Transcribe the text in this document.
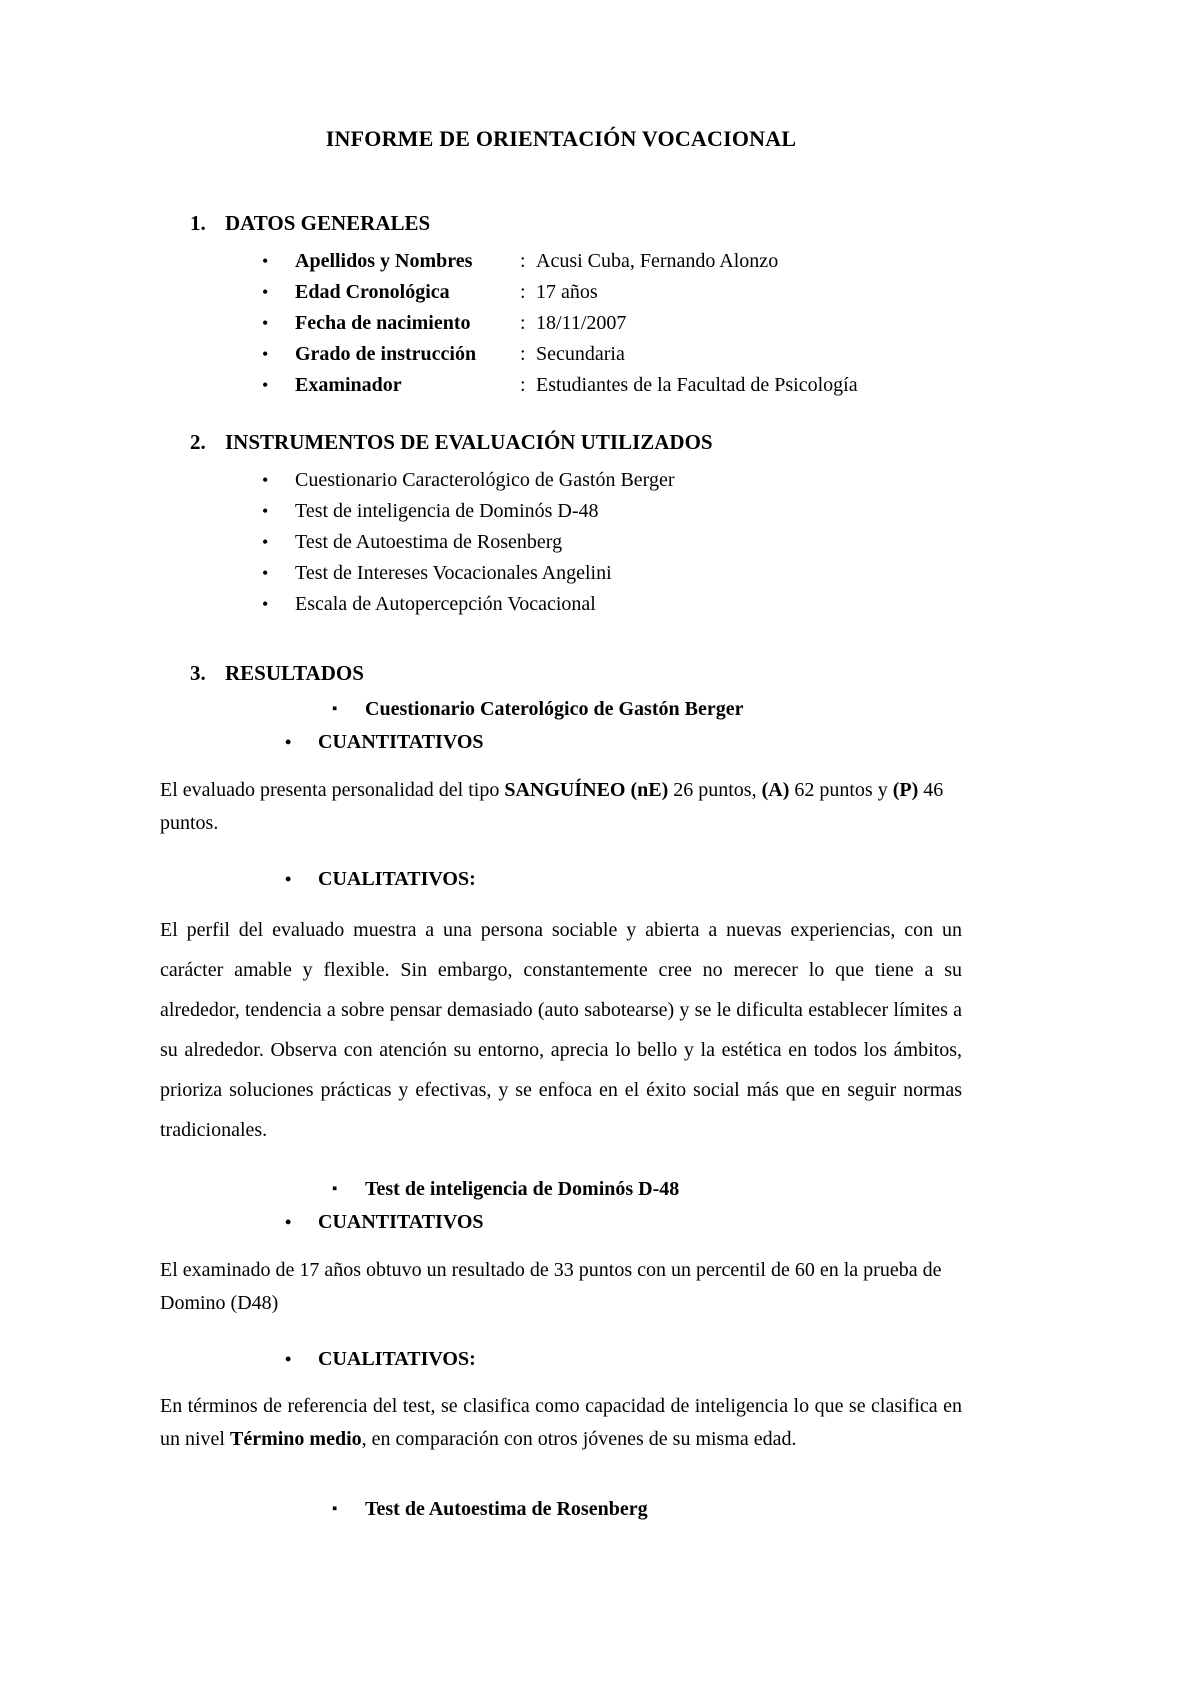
INFORME DE ORIENTACIÓN VOCACIONAL
1. DATOS GENERALES
•	Apellidos y Nombres	: Acusi Cuba, Fernando Alonzo
•	Edad Cronológica	: 17 años
•	Fecha de nacimiento	: 18/11/2007
•	Grado de instrucción	: Secundaria
•	Examinador	: Estudiantes de la Facultad de Psicología
2. INSTRUMENTOS DE EVALUACIÓN UTILIZADOS
•	Cuestionario Caracterológico de Gastón Berger
•	Test de inteligencia de Dominós D-48
•	Test de Autoestima de Rosenberg
•	Test de Intereses Vocacionales Angelini
•	Escala de Autopercepción Vocacional
3. RESULTADOS
▪	Cuestionario Caterológico de Gastón Berger
•	CUANTITATIVOS

El evaluado presenta personalidad del tipo SANGUÍNEO (nE) 26 puntos, (A) 62 puntos y (P) 46 puntos.

•	CUALITATIVOS:

El perfil del evaluado muestra a una persona sociable y abierta a nuevas experiencias, con un carácter amable y flexible. Sin embargo, constantemente cree no merecer lo que tiene a su alrededor, tendencia a sobre pensar demasiado (auto sabotearse) y se le dificulta establecer límites a su alrededor. Observa con atención su entorno, aprecia lo bello y la estética en todos los ámbitos, prioriza soluciones prácticas y efectivas, y se enfoca en el éxito social más que en seguir normas tradicionales.

▪	Test de inteligencia de Dominós D-48
•	CUANTITATIVOS

El examinado de 17 años obtuvo un resultado de 33 puntos con un percentil de 60 en la prueba de Domino (D48)

•	CUALITATIVOS:

En términos de referencia del test, se clasifica como capacidad de inteligencia lo que se clasifica en un nivel Término medio, en comparación con otros jóvenes de su misma edad.

▪	Test de Autoestima de Rosenberg
